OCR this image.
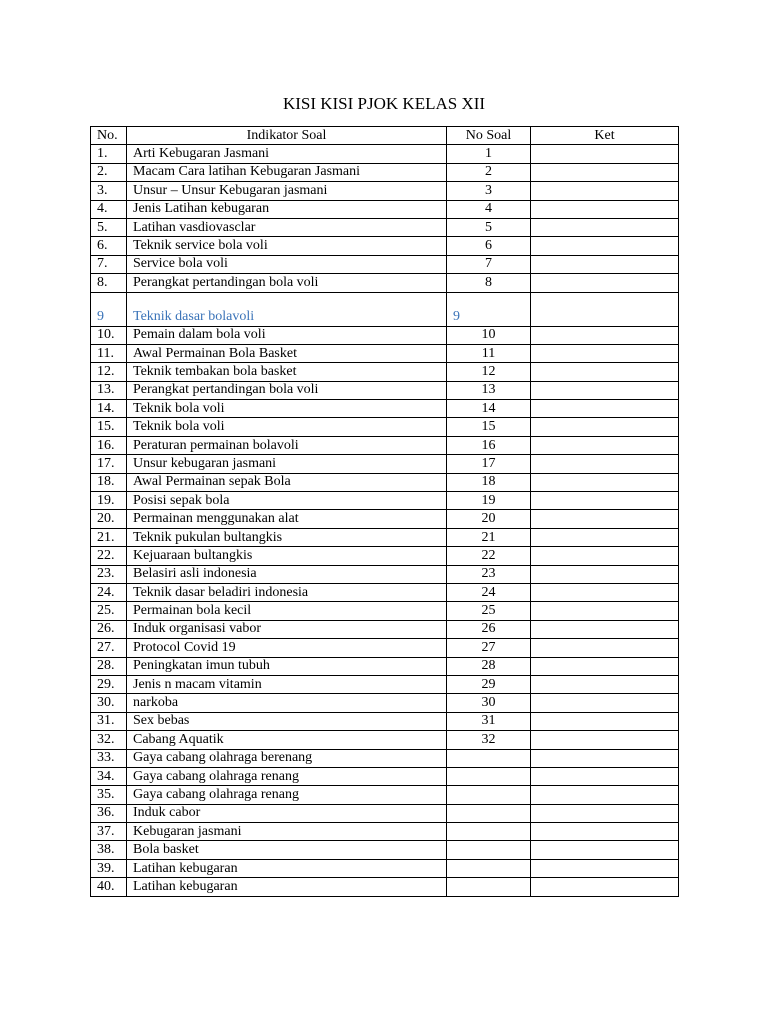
KISI KISI PJOK KELAS XII
No.	Indikator Soal	No Soal	Ket
1.	Arti Kebugaran Jasmani	1	
2.	Macam Cara latihan Kebugaran Jasmani	2	
3.	Unsur – Unsur Kebugaran jasmani	3	
4.	Jenis Latihan kebugaran	4	
5.	Latihan vasdiovasclar	5	
6.	Teknik service bola voli	6	
7.	Service bola voli	7	
8.	Perangkat pertandingan bola voli	8	
9	Teknik dasar bolavoli	9	
10.	Pemain dalam bola voli	10	
11.	Awal Permainan Bola Basket	11	
12.	Teknik tembakan bola basket	12	
13.	Perangkat pertandingan bola voli	13	
14.	Teknik bola voli	14	
15.	Teknik bola voli	15	
16.	Peraturan permainan bolavoli	16	
17.	Unsur kebugaran jasmani	17	
18.	Awal Permainan sepak Bola	18	
19.	Posisi sepak bola	19	
20.	Permainan menggunakan alat	20	
21.	Teknik pukulan bultangkis	21	
22.	Kejuaraan bultangkis	22	
23.	Belasiri asli indonesia	23	
24.	Teknik dasar beladiri indonesia	24	
25.	Permainan bola kecil	25	
26.	Induk organisasi vabor	26	
27.	Protocol Covid 19	27	
28.	Peningkatan imun tubuh	28	
29.	Jenis n macam vitamin	29	
30.	narkoba	30	
31.	Sex bebas	31	
32.	Cabang Aquatik	32	
33.	Gaya cabang olahraga berenang		
34.	Gaya cabang olahraga renang		
35.	Gaya cabang olahraga renang		
36.	Induk cabor		
37.	Kebugaran jasmani		
38.	Bola basket		
39.	Latihan kebugaran		
40.	Latihan kebugaran		
